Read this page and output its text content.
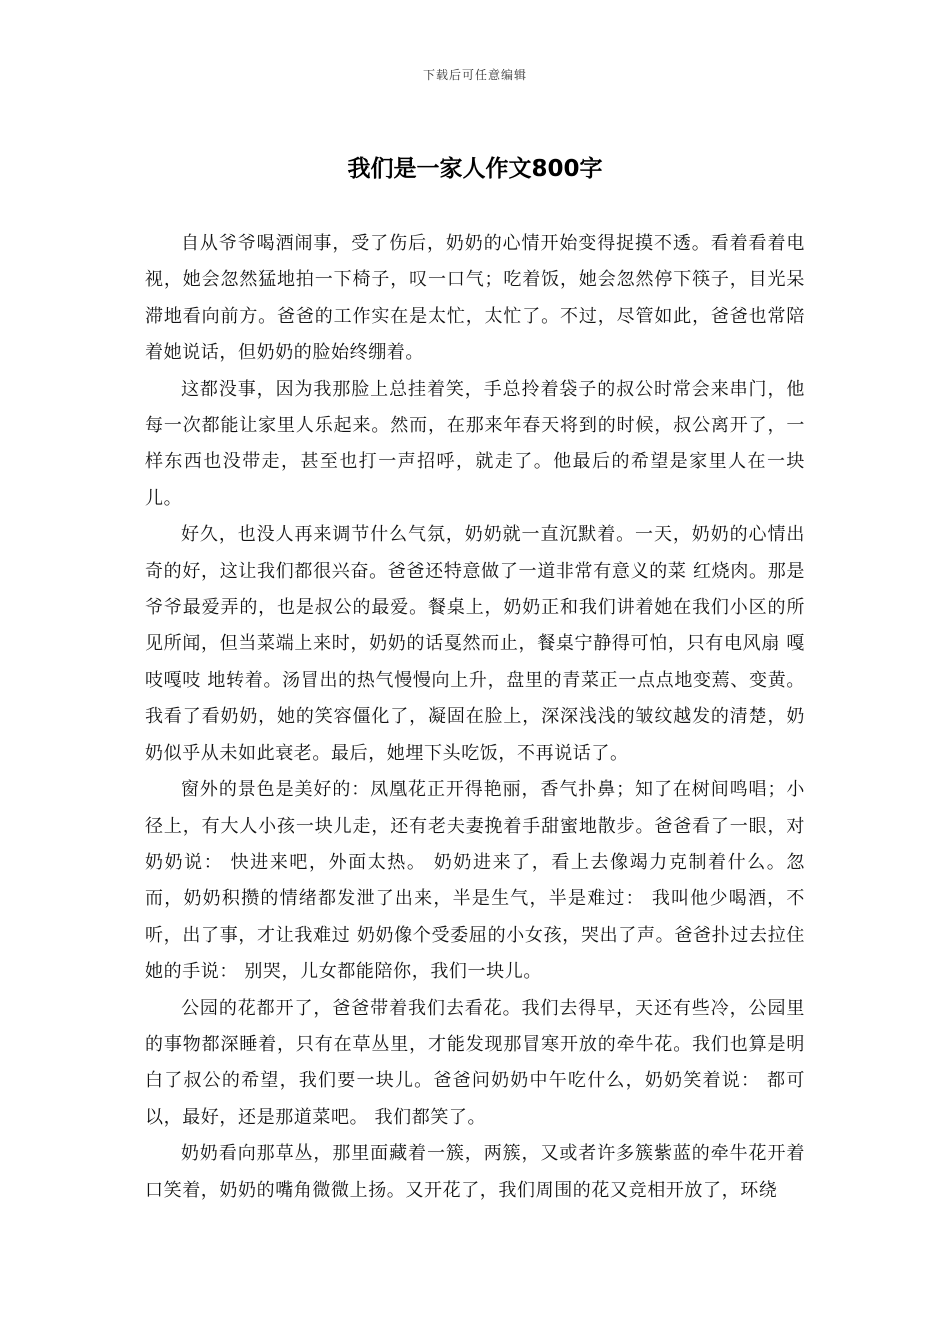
下载后可任意编辑
我们是一家人作文800字

自从爷爷喝酒闹事，受了伤后，奶奶的心情开始变得捉摸不透。看着看着电视，她会忽然猛地拍一下椅子，叹一口气；吃着饭，她会忽然停下筷子，目光呆滞地看向前方。爸爸的工作实在是太忙，太忙了。不过，尽管如此，爸爸也常陪着她说话，但奶奶的脸始终绷着。

这都没事，因为我那脸上总挂着笑，手总拎着袋子的叔公时常会来串门，他每一次都能让家里人乐起来。然而，在那来年春天将到的时候，叔公离开了，一样东西也没带走，甚至也打一声招呼，就走了。他最后的希望是家里人在一块儿。

好久，也没人再来调节什么气氛，奶奶就一直沉默着。一天，奶奶的心情出奇的好，这让我们都很兴奋。爸爸还特意做了一道非常有意义的菜 红烧肉。那是爷爷最爱弄的，也是叔公的最爱。餐桌上，奶奶正和我们讲着她在我们小区的所见所闻，但当菜端上来时，奶奶的话戛然而止，餐桌宁静得可怕，只有电风扇 嘎吱嘎吱 地转着。汤冒出的热气慢慢向上升，盘里的青菜正一点点地变蔫、变黄。我看了看奶奶，她的笑容僵化了，凝固在脸上，深深浅浅的皱纹越发的清楚，奶奶似乎从未如此衰老。最后，她埋下头吃饭，不再说话了。

窗外的景色是美好的：凤凰花正开得艳丽，香气扑鼻；知了在树间鸣唱；小径上，有大人小孩一块儿走，还有老夫妻挽着手甜蜜地散步。爸爸看了一眼，对奶奶说： 快进来吧，外面太热。 奶奶进来了，看上去像竭力克制着什么。忽而，奶奶积攒的情绪都发泄了出来，半是生气，半是难过： 我叫他少喝酒，不听，出了事，才让我难过 奶奶像个受委屈的小女孩，哭出了声。爸爸扑过去拉住她的手说： 别哭，儿女都能陪你，我们一块儿。

公园的花都开了，爸爸带着我们去看花。我们去得早，天还有些冷，公园里的事物都深睡着，只有在草丛里，才能发现那冒寒开放的牵牛花。我们也算是明白了叔公的希望，我们要一块儿。爸爸问奶奶中午吃什么，奶奶笑着说： 都可以，最好，还是那道菜吧。 我们都笑了。

奶奶看向那草丛，那里面藏着一簇，两簇，又或者许多簇紫蓝的牵牛花开着口笑着，奶奶的嘴角微微上扬。又开花了，我们周围的花又竞相开放了，环绕
